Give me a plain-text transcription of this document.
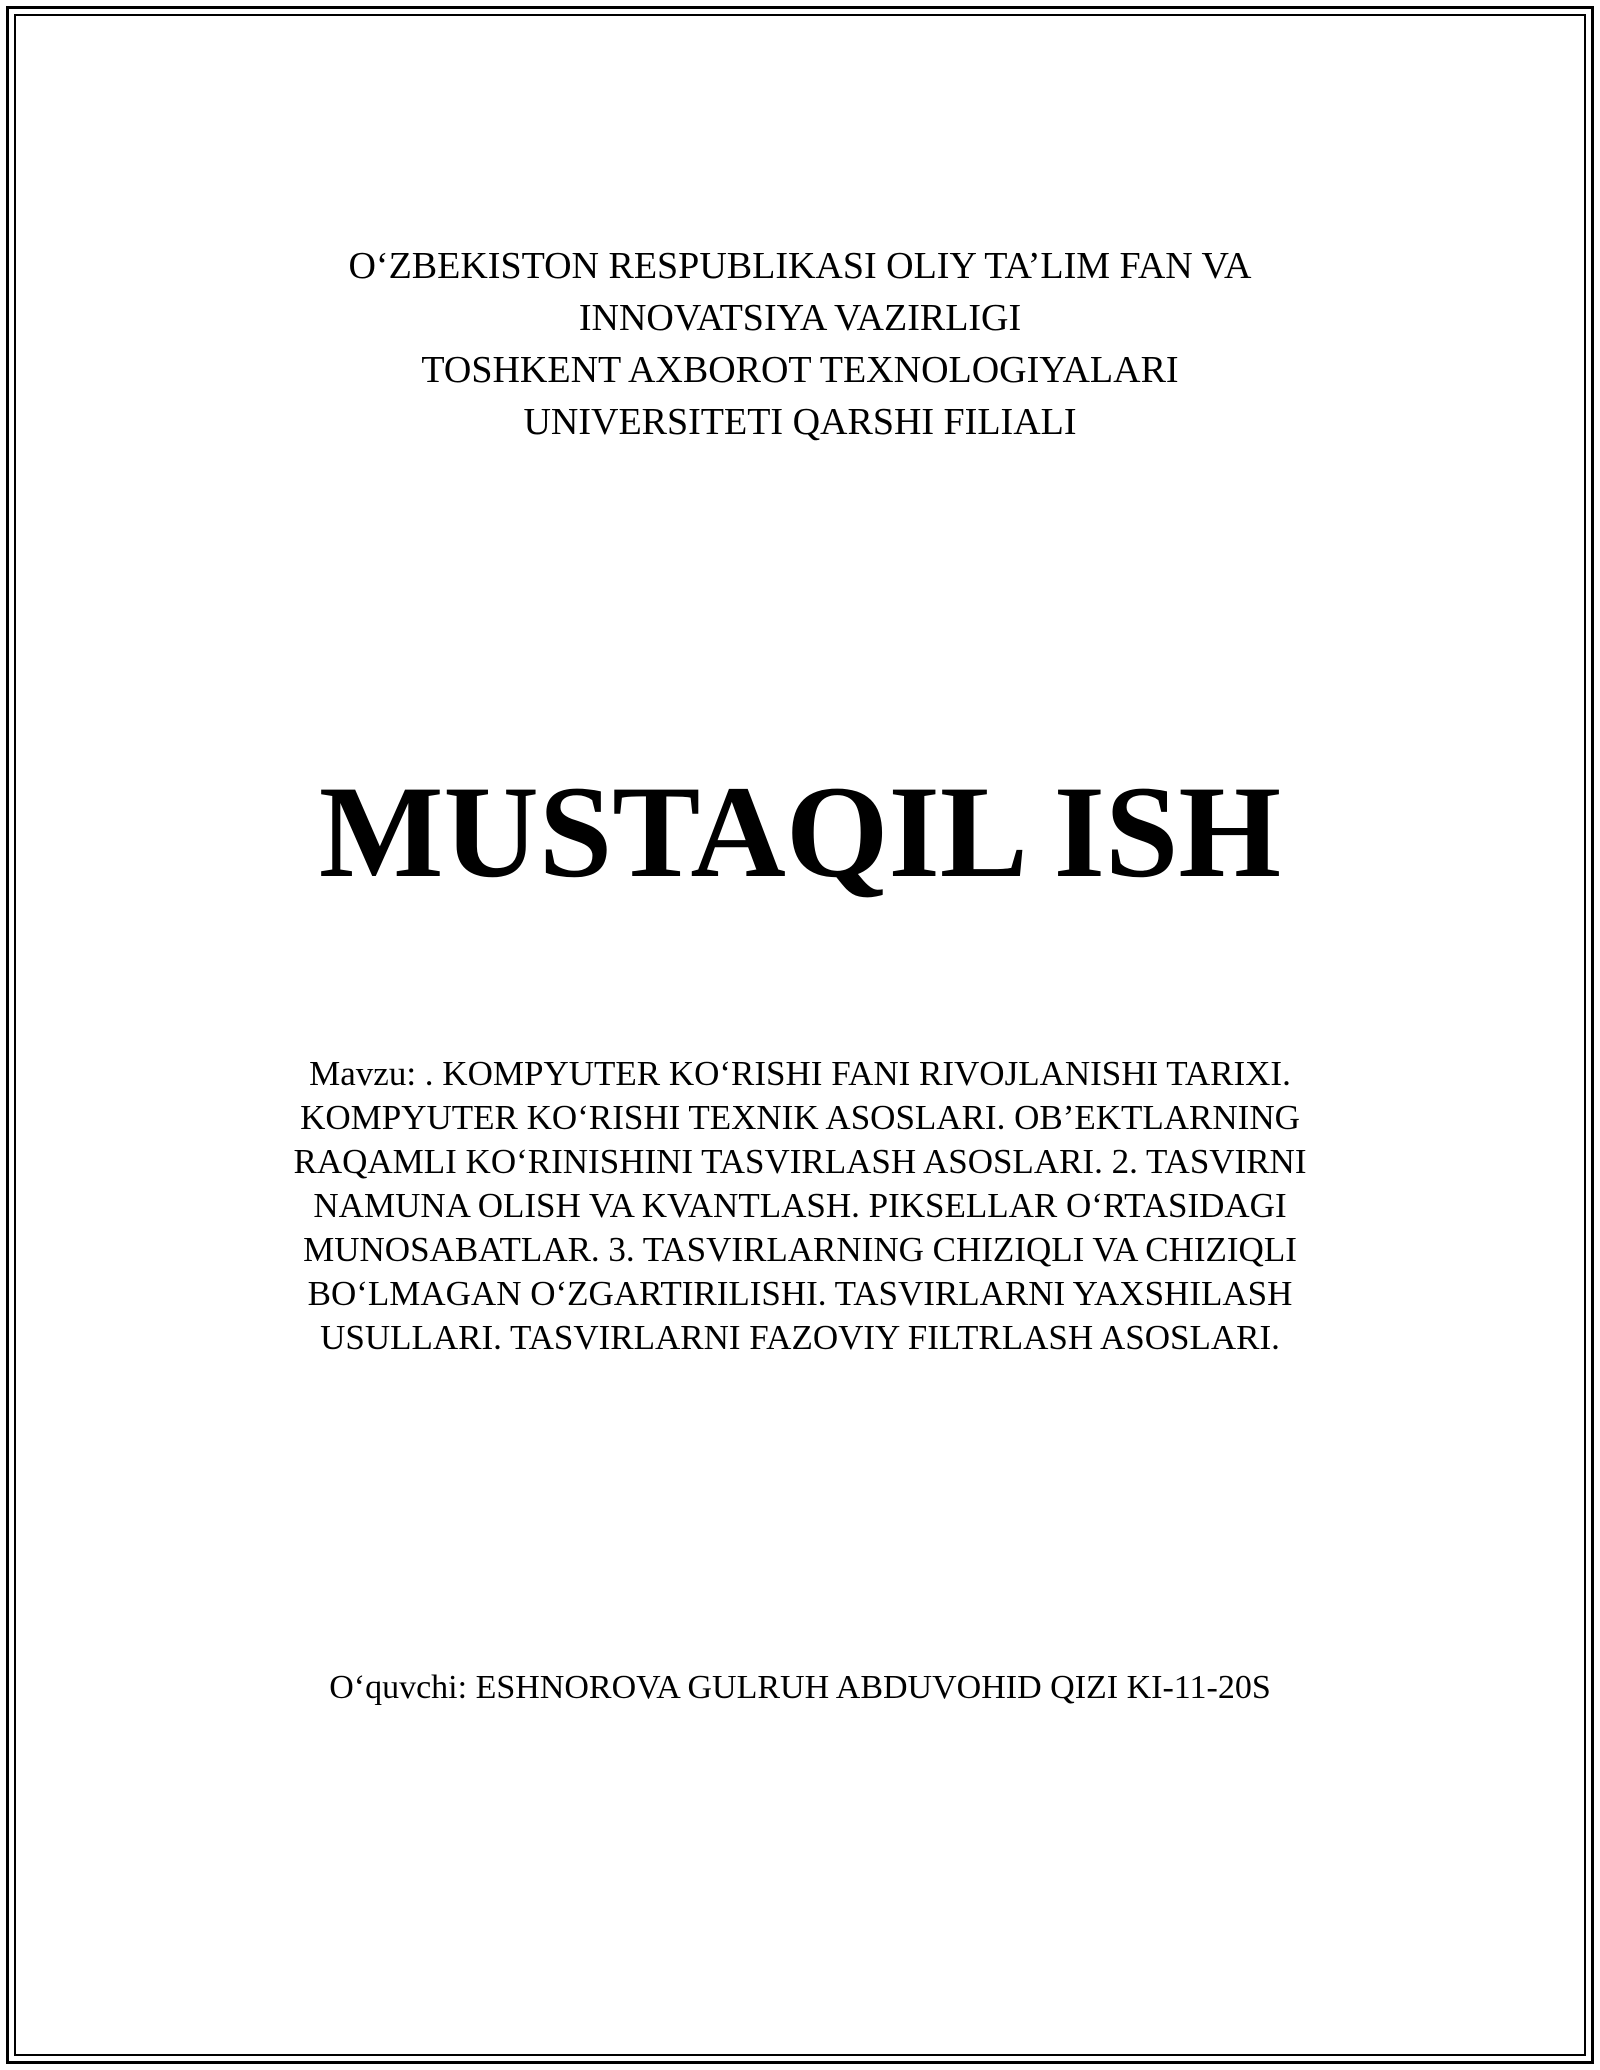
O‘ZBEKISTON RESPUBLIKASI OLIY TA’LIM FAN VA
INNOVATSIYA VAZIRLIGI
TOSHKENT AXBOROT TEXNOLOGIYALARI
UNIVERSITETI QARSHI FILIALI
MUSTAQIL ISH
Mavzu: . KOMPYUTER KO‘RISHI FANI RIVOJLANISHI TARIXI.
KOMPYUTER KO‘RISHI TEXNIK ASOSLARI. OB’EKTLARNING
RAQAMLI KO‘RINISHINI TASVIRLASH ASOSLARI. 2. TASVIRNI
NAMUNA OLISH VA KVANTLASH. PIKSELLAR O‘RTASIDAGI
MUNOSABATLAR. 3. TASVIRLARNING CHIZIQLI VA CHIZIQLI
BO‘LMAGAN O‘ZGARTIRILISHI. TASVIRLARNI YAXSHILASH
USULLARI. TASVIRLARNI FAZOVIY FILTRLASH ASOSLARI.
O‘quvchi: ESHNOROVA GULRUH ABDUVOHID QIZI KI-11-20S
